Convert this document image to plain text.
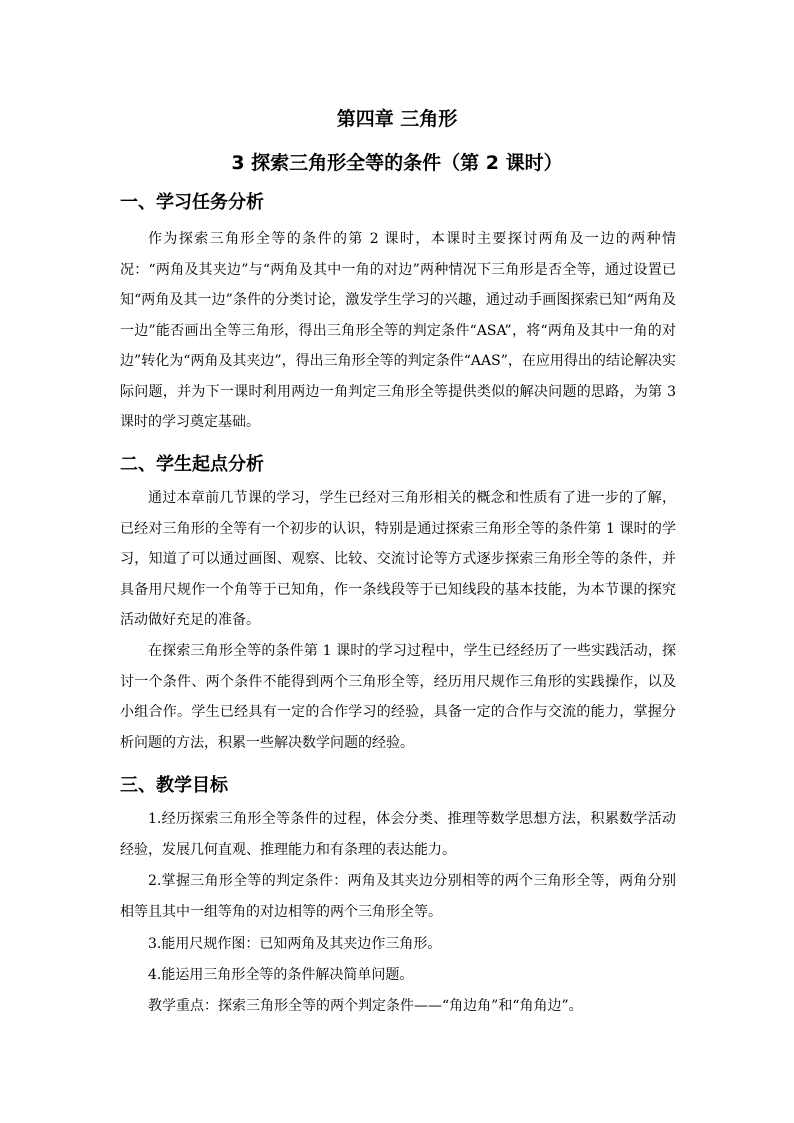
第四章 三角形
3 探索三角形全等的条件（第 2 课时）
一、学习任务分析
作为探索三角形全等的条件的第 2 课时，本课时主要探讨两角及一边的两种情况：“两角及其夹边”与“两角及其中一角的对边”两种情况下三角形是否全等，通过设置已知“两角及其一边”条件的分类讨论，激发学生学习的兴趣，通过动手画图探索已知“两角及一边”能否画出全等三角形，得出三角形全等的判定条件“ASA”，将“两角及其中一角的对边”转化为“两角及其夹边”，得出三角形全等的判定条件“AAS”，在应用得出的结论解决实际问题，并为下一课时利用两边一角判定三角形全等提供类似的解决问题的思路，为第 3 课时的学习奠定基础。
二、学生起点分析
通过本章前几节课的学习，学生已经对三角形相关的概念和性质有了进一步的了解，已经对三角形的全等有一个初步的认识，特别是通过探索三角形全等的条件第 1 课时的学习，知道了可以通过画图、观察、比较、交流讨论等方式逐步探索三角形全等的条件，并具备用尺规作一个角等于已知角，作一条线段等于已知线段的基本技能，为本节课的探究活动做好充足的准备。
在探索三角形全等的条件第 1 课时的学习过程中，学生已经经历了一些实践活动，探讨一个条件、两个条件不能得到两个三角形全等，经历用尺规作三角形的实践操作，以及小组合作。学生已经具有一定的合作学习的经验，具备一定的合作与交流的能力，掌握分析问题的方法，积累一些解决数学问题的经验。
三、教学目标
1.经历探索三角形全等条件的过程，体会分类、推理等数学思想方法，积累数学活动经验，发展几何直观、推理能力和有条理的表达能力。
2.掌握三角形全等的判定条件：两角及其夹边分别相等的两个三角形全等，两角分别相等且其中一组等角的对边相等的两个三角形全等。
3.能用尺规作图：已知两角及其夹边作三角形。
4.能运用三角形全等的条件解决简单问题。
教学重点：探索三角形全等的两个判定条件——“角边角”和“角角边”。
